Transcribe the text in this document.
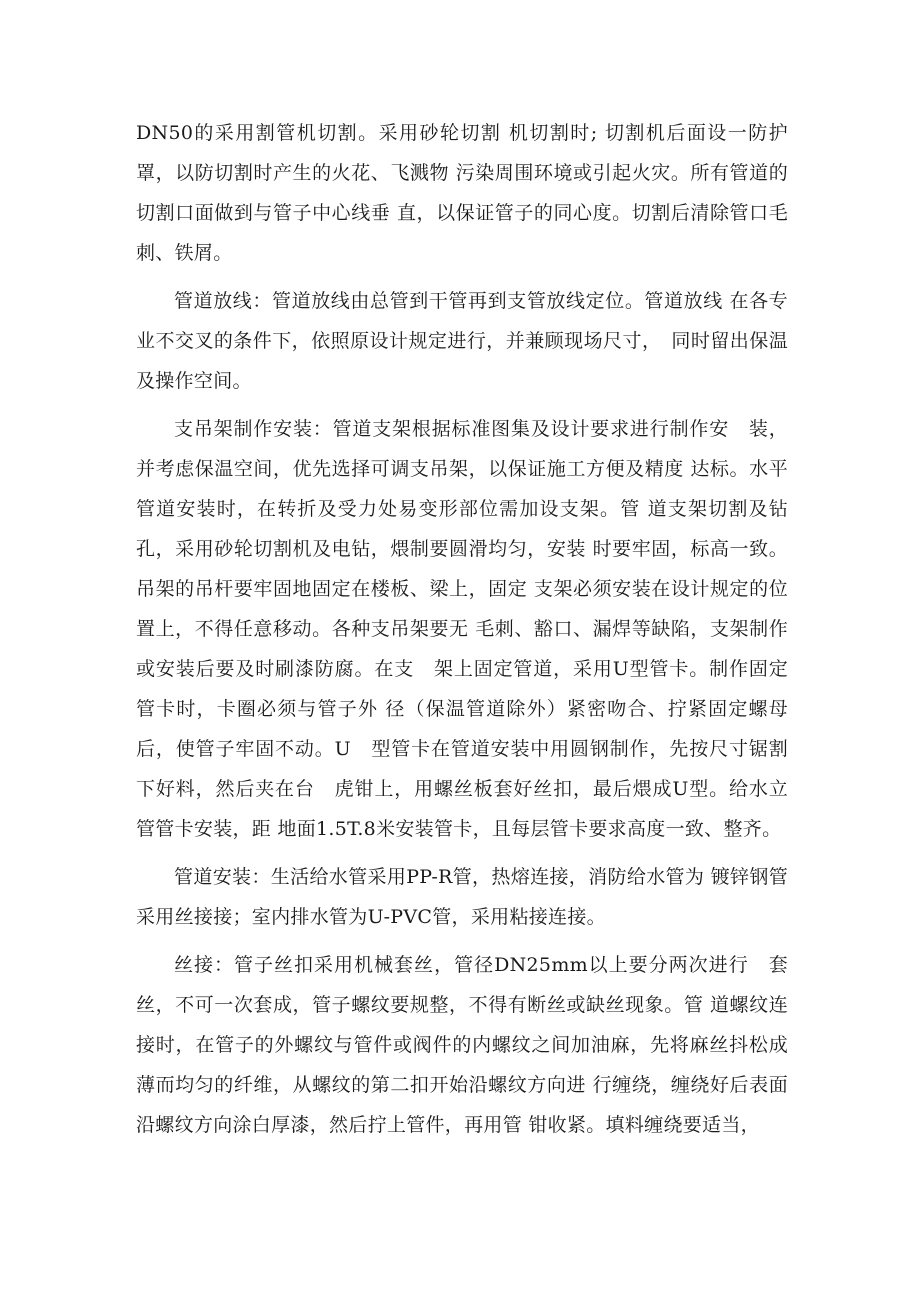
DN50的采用割管机切割。采用砂轮切割 机切割时; 切割机后面设一防护罩，以防切割时产生的火花、飞溅物 污染周围环境或引起火灾。所有管道的切割口面做到与管子中心线垂 直，以保证管子的同心度。切割后清除管口毛刺、铁屑。

管道放线：管道放线由总管到干管再到支管放线定位。管道放线 在各专业不交叉的条件下，依照原设计规定进行，并兼顾现场尺寸，　同时留出保温及操作空间。

支吊架制作安装：管道支架根据标准图集及设计要求进行制作安　装，并考虑保温空间，优先选择可调支吊架，以保证施工方便及精度 达标。水平管道安装时，在转折及受力处易变形部位需加设支架。管 道支架切割及钻孔，采用砂轮切割机及电钻，煨制要圆滑均匀，安装 时要牢固，标高一致。吊架的吊杆要牢固地固定在楼板、梁上，固定 支架必须安装在设计规定的位置上，不得任意移动。各种支吊架要无 毛刺、豁口、漏焊等缺陷，支架制作或安装后要及时刷漆防腐。在支　架上固定管道，采用U型管卡。制作固定管卡时，卡圈必须与管子外 径（保温管道除外）紧密吻合、拧紧固定螺母后，使管子牢固不动。U　型管卡在管道安装中用圆钢制作，先按尺寸锯割下好料，然后夹在台　虎钳上，用螺丝板套好丝扣，最后煨成U型。给水立管管卡安装，距 地面1.5T.8米安装管卡，且每层管卡要求高度一致、整齐。

管道安装：生活给水管采用PP-R管，热熔连接，消防给水管为 镀锌钢管采用丝接接；室内排水管为U-PVC管，采用粘接连接。

丝接：管子丝扣采用机械套丝，管径DN25mm以上要分两次进行　套丝，不可一次套成，管子螺纹要规整，不得有断丝或缺丝现象。管 道螺纹连接时，在管子的外螺纹与管件或阀件的内螺纹之间加油麻，先将麻丝抖松成薄而均匀的纤维，从螺纹的第二扣开始沿螺纹方向进 行缠绕，缠绕好后表面沿螺纹方向涂白厚漆，然后拧上管件，再用管 钳收紧。填料缠绕要适当，
